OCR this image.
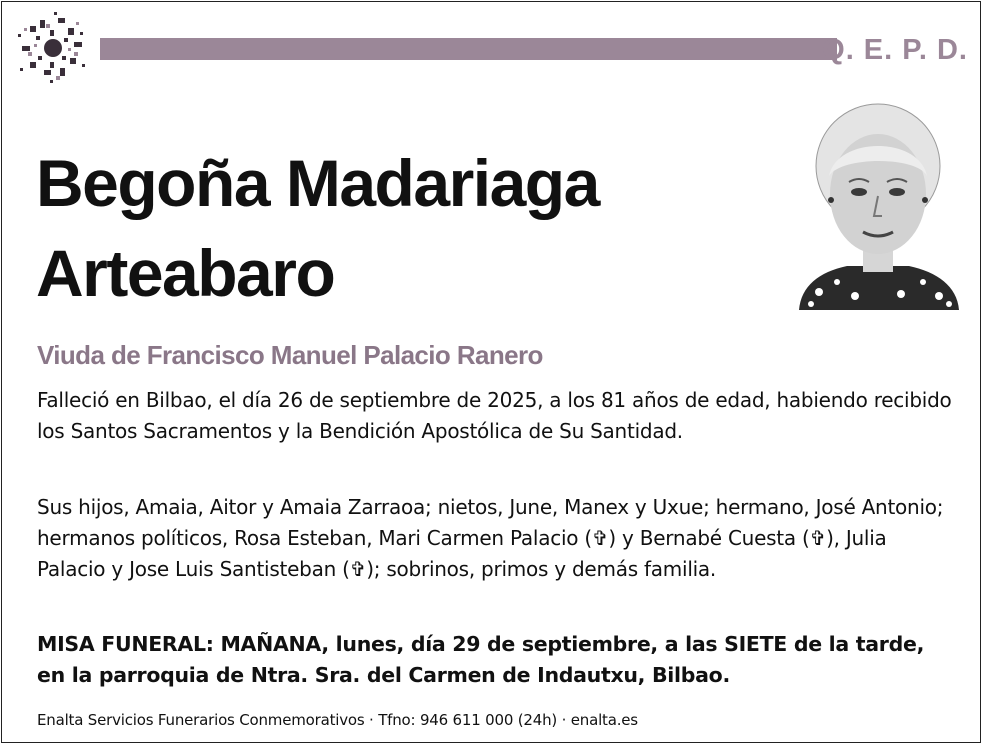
Q. E. P. D.
Begoña Madariaga
Arteabaro
Viuda de Francisco Manuel Palacio Ranero

Falleció en Bilbao, el día 26 de septiembre de 2025, a los 81 años de edad, habiendo recibido los Santos Sacramentos y la Bendición Apostólica de Su Santidad.

Sus hijos, Amaia, Aitor y Amaia Zarraoa; nietos, June, Manex y Uxue; hermano, José Antonio; hermanos políticos, Rosa Esteban, Mari Carmen Palacio (✞) y Bernabé Cuesta (✞), Julia Palacio y Jose Luis Santisteban (✞); sobrinos, primos y demás familia.

MISA FUNERAL: MAÑANA, lunes, día 29 de septiembre, a las SIETE de la tarde, en la parroquia de Ntra. Sra. del Carmen de Indautxu, Bilbao.

Enalta Servicios Funerarios Conmemorativos · Tfno: 946 611 000 (24h) · enalta.es
